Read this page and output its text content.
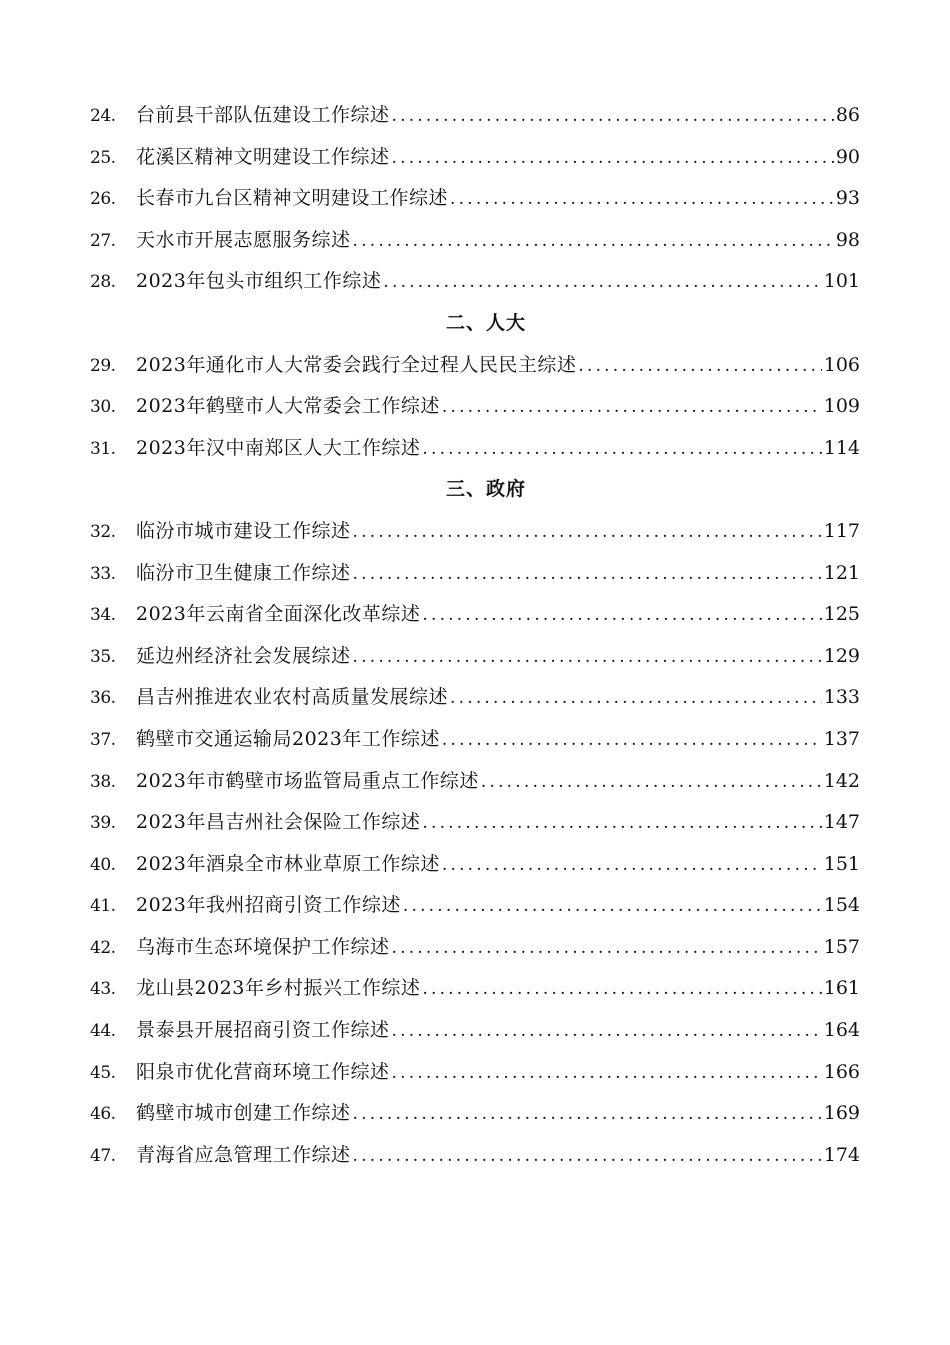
24.	台前县干部队伍建设工作综述 .....	86
25.	花溪区精神文明建设工作综述 .....	90
26.	长春市九台区精神文明建设工作综述 .....	93
27.	天水市开展志愿服务综述 .....	98
28.	2023年包头市组织工作综述 .....	101
二、人大
29.	2023年通化市人大常委会践行全过程人民民主综述 .....	106
30.	2023年鹤壁市人大常委会工作综述 .....	109
31.	2023年汉中南郑区人大工作综述 .....	114
三、政府
32.	临汾市城市建设工作综述 .....	117
33.	临汾市卫生健康工作综述 .....	121
34.	2023年云南省全面深化改革综述 .....	125
35.	延边州经济社会发展综述 .....	129
36.	昌吉州推进农业农村高质量发展综述 .....	133
37.	鹤壁市交通运输局2023年工作综述 .....	137
38.	2023年市鹤壁市场监管局重点工作综述 .....	142
39.	2023年昌吉州社会保险工作综述 .....	147
40.	2023年酒泉全市林业草原工作综述 .....	151
41.	2023年我州招商引资工作综述 .....	154
42.	乌海市生态环境保护工作综述 .....	157
43.	龙山县2023年乡村振兴工作综述 .....	161
44.	景泰县开展招商引资工作综述 .....	164
45.	阳泉市优化营商环境工作综述 .....	166
46.	鹤壁市城市创建工作综述 .....	169
47.	青海省应急管理工作综述 .....	174
